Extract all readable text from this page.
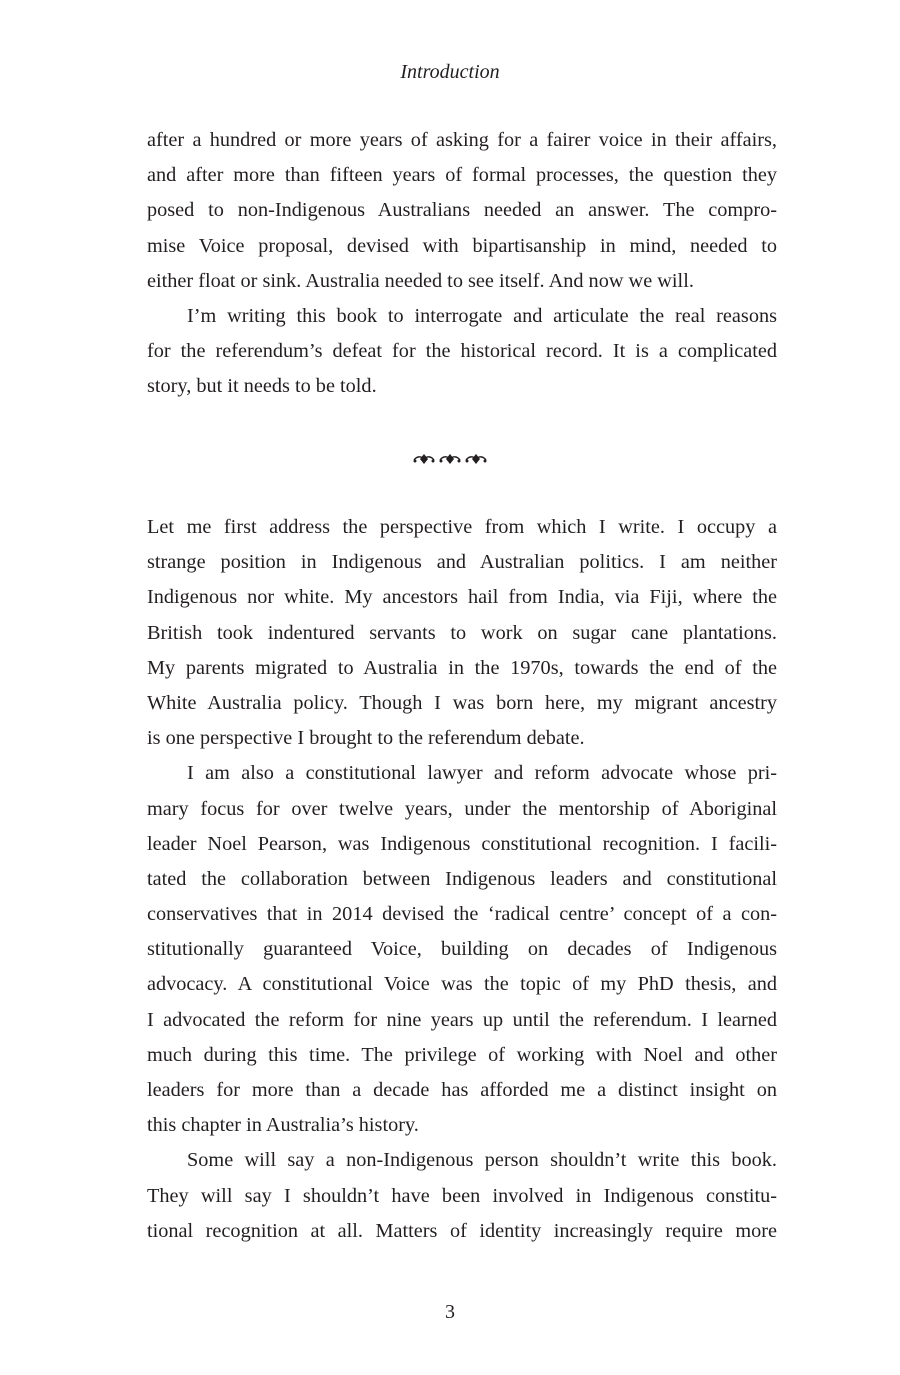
Introduction
after a hundred or more years of asking for a fairer voice in their affairs,
and after more than fifteen years of formal processes, the question they
posed to non-Indigenous Australians needed an answer. The compro-
mise Voice proposal, devised with bipartisanship in mind, needed to
either float or sink. Australia needed to see itself. And now we will.
I’m writing this book to interrogate and articulate the real reasons
for the referendum’s defeat for the historical record. It is a complicated
story, but it needs to be told.
Let me first address the perspective from which I write. I occupy a
strange position in Indigenous and Australian politics. I am neither
Indigenous nor white. My ancestors hail from India, via Fiji, where the
British took indentured servants to work on sugar cane plantations.
My parents migrated to Australia in the 1970s, towards the end of the
White Australia policy. Though I was born here, my migrant ancestry
is one perspective I brought to the referendum debate.
I am also a constitutional lawyer and reform advocate whose pri-
mary focus for over twelve years, under the mentorship of Aboriginal
leader Noel Pearson, was Indigenous constitutional recognition. I facili-
tated the collaboration between Indigenous leaders and constitutional
conservatives that in 2014 devised the ‘radical centre’ concept of a con-
stitutionally guaranteed Voice, building on decades of Indigenous
advocacy. A constitutional Voice was the topic of my PhD thesis, and
I advocated the reform for nine years up until the referendum. I learned
much during this time. The privilege of working with Noel and other
leaders for more than a decade has afforded me a distinct insight on
this chapter in Australia’s history.
Some will say a non-Indigenous person shouldn’t write this book.
They will say I shouldn’t have been involved in Indigenous constitu-
tional recognition at all. Matters of identity increasingly require more
3
